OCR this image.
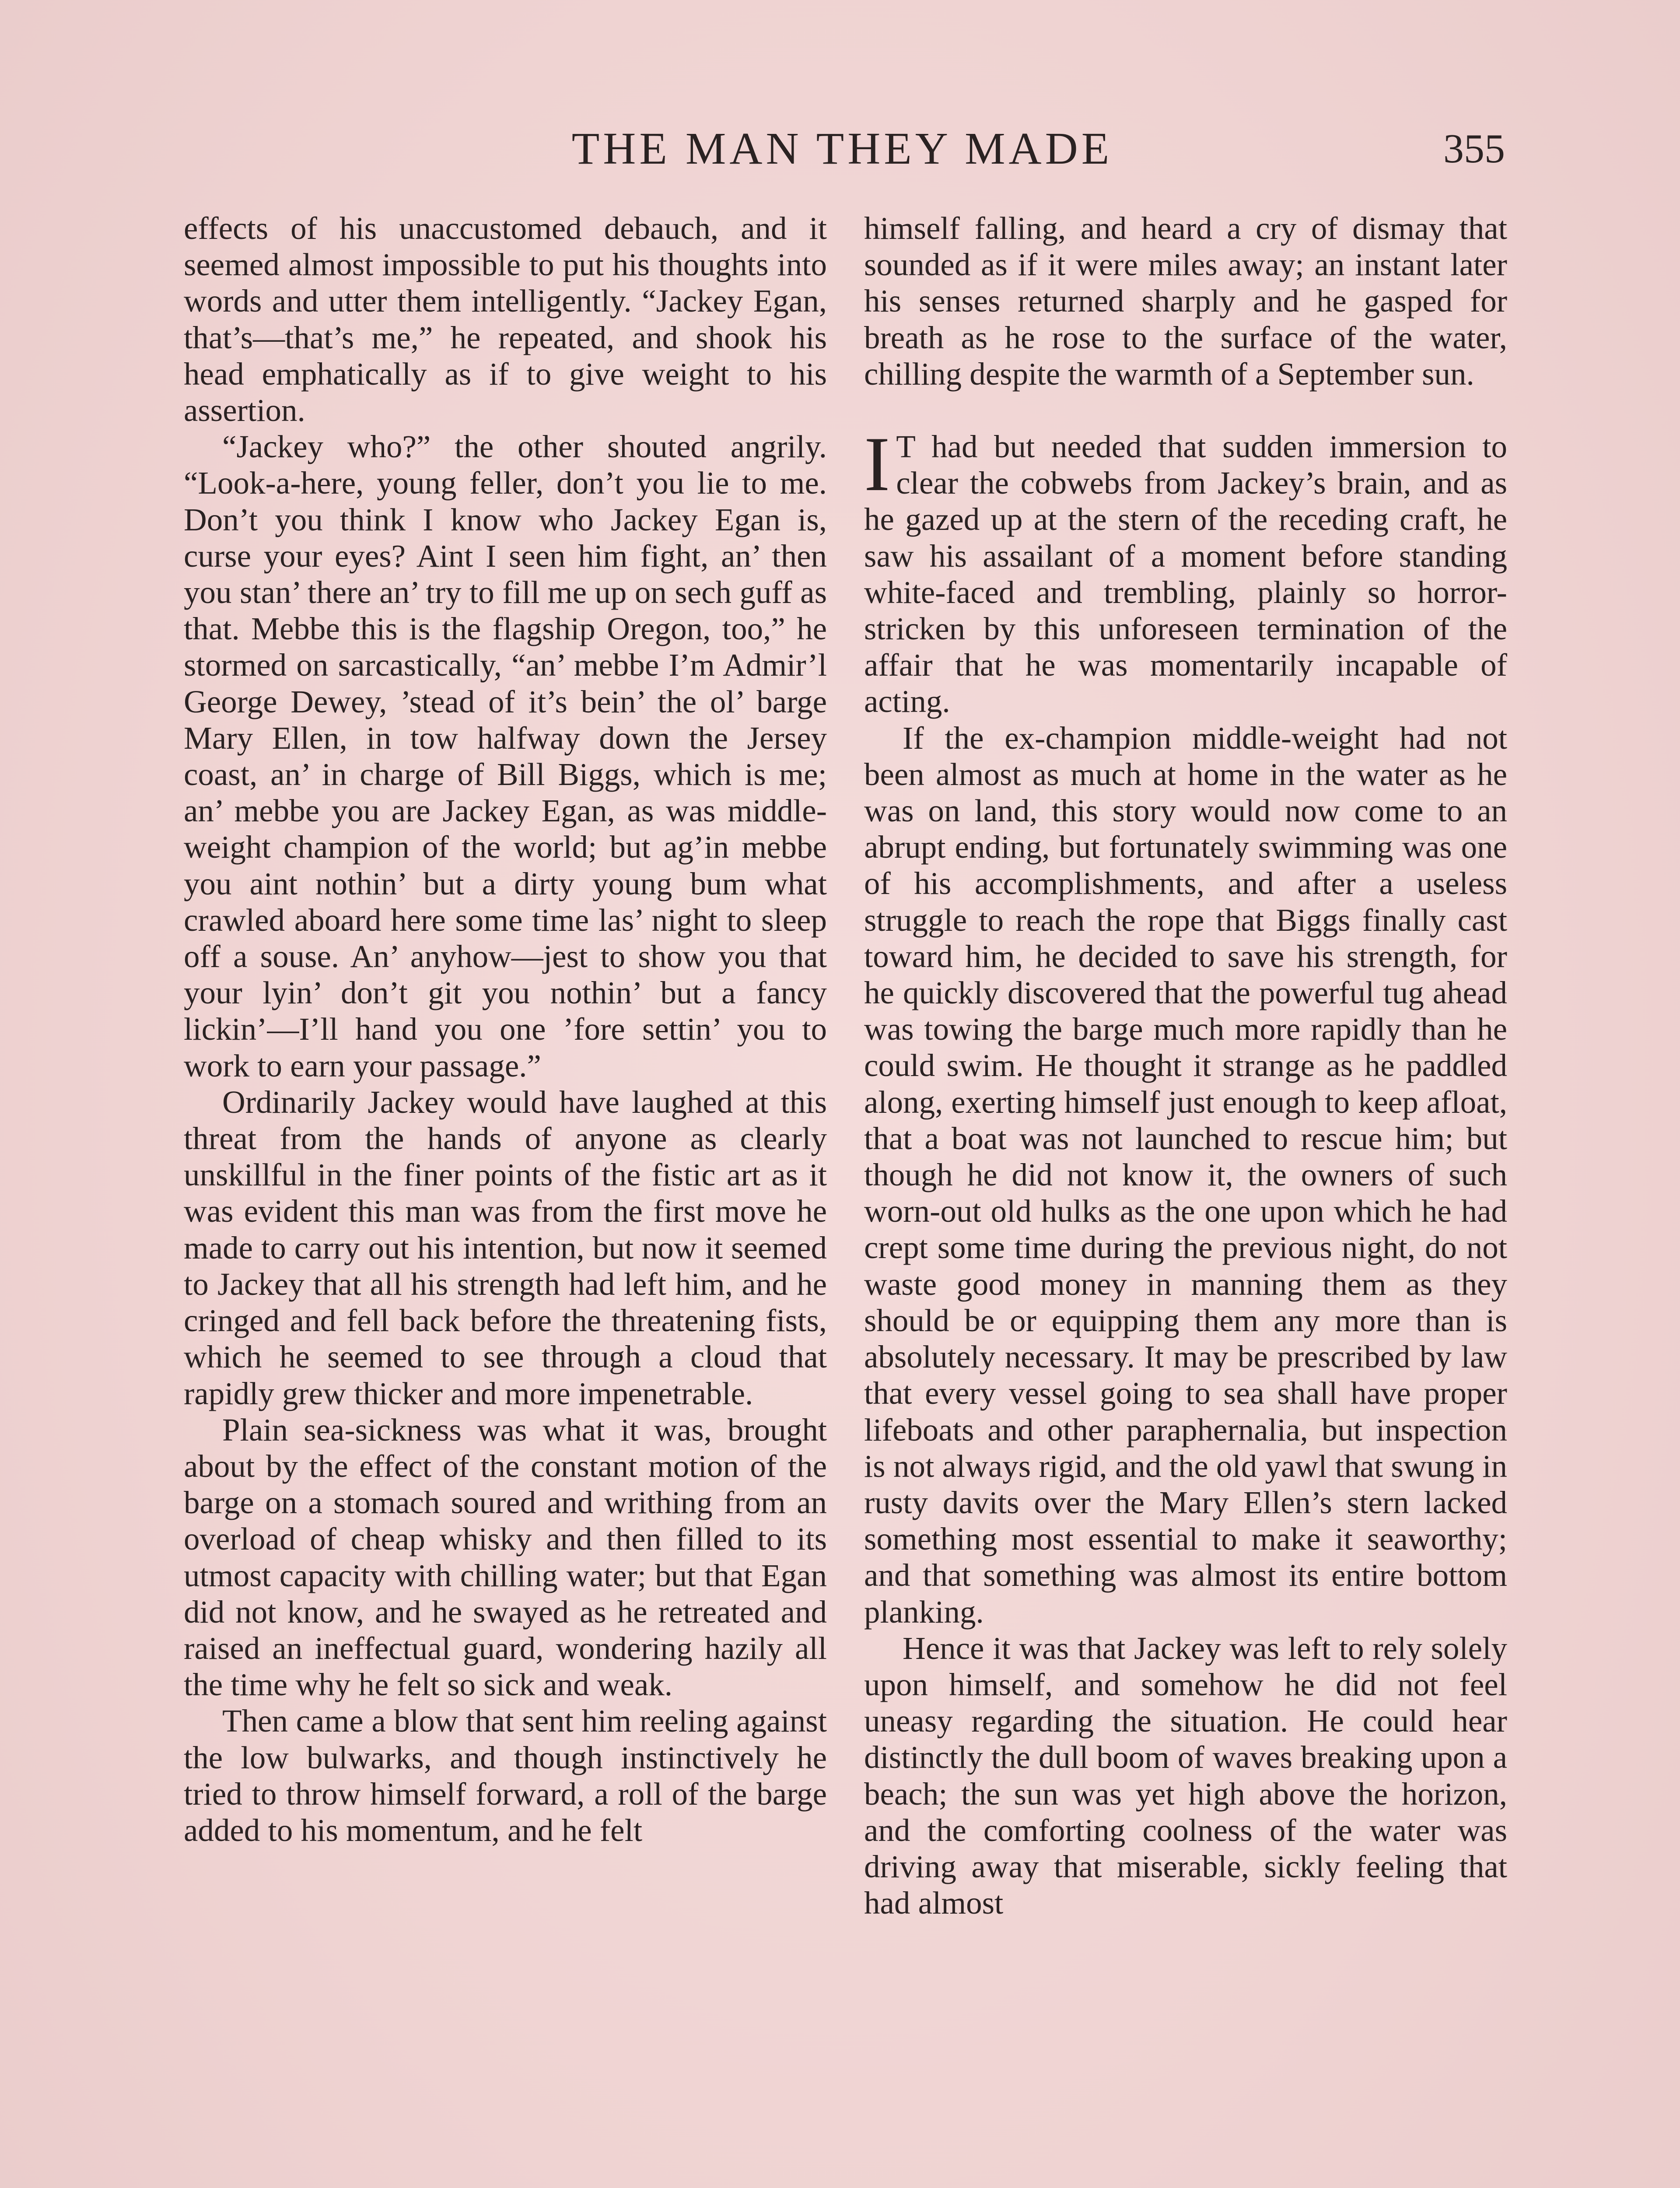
THE MAN THEY MADE	355

effects of his unaccustomed debauch, and it seemed almost impossible to put his thoughts into words and utter them intelligently. “Jackey Egan, that’s—that’s me,” he repeated, and shook his head emphatically as if to give weight to his assertion.

“Jackey who?” the other shouted angrily. “Look-a-here, young feller, don’t you lie to me. Don’t you think I know who Jackey Egan is, curse your eyes? Aint I seen him fight, an’ then you stan’ there an’ try to fill me up on sech guff as that. Mebbe this is the flagship Oregon, too,” he stormed on sarcastically, “an’ mebbe I’m Admir’l George Dewey, ’stead of it’s bein’ the ol’ barge Mary Ellen, in tow halfway down the Jersey coast, an’ in charge of Bill Biggs, which is me; an’ mebbe you are Jackey Egan, as was middle-weight champion of the world; but ag’in mebbe you aint nothin’ but a dirty young bum what crawled aboard here some time las’ night to sleep off a souse. An’ anyhow—jest to show you that your lyin’ don’t git you nothin’ but a fancy lickin’—I’ll hand you one ’fore settin’ you to work to earn your passage.”

Ordinarily Jackey would have laughed at this threat from the hands of anyone as clearly unskillful in the finer points of the fistic art as it was evident this man was from the first move he made to carry out his intention, but now it seemed to Jackey that all his strength had left him, and he cringed and fell back before the threatening fists, which he seemed to see through a cloud that rapidly grew thicker and more impenetrable.

Plain sea-sickness was what it was, brought about by the effect of the constant motion of the barge on a stomach soured and writhing from an overload of cheap whisky and then filled to its utmost capacity with chilling water; but that Egan did not know, and he swayed as he retreated and raised an ineffectual guard, wondering hazily all the time why he felt so sick and weak.

Then came a blow that sent him reeling against the low bulwarks, and though instinctively he tried to throw himself forward, a roll of the barge added to his momentum, and he felt

himself falling, and heard a cry of dismay that sounded as if it were miles away; an instant later his senses returned sharply and he gasped for breath as he rose to the surface of the water, chilling despite the warmth of a September sun.

I T had but needed that sudden immersion to clear the cobwebs from Jackey’s brain, and as he gazed up at the stern of the receding craft, he saw his assailant of a moment before standing white-faced and trembling, plainly so horror-stricken by this unforeseen termination of the affair that he was momentarily incapable of acting.

If the ex-champion middle-weight had not been almost as much at home in the water as he was on land, this story would now come to an abrupt ending, but fortunately swimming was one of his accomplishments, and after a useless struggle to reach the rope that Biggs finally cast toward him, he decided to save his strength, for he quickly discovered that the powerful tug ahead was towing the barge much more rapidly than he could swim. He thought it strange as he paddled along, exerting himself just enough to keep afloat, that a boat was not launched to rescue him; but though he did not know it, the owners of such worn-out old hulks as the one upon which he had crept some time during the previous night, do not waste good money in manning them as they should be or equipping them any more than is absolutely necessary. It may be prescribed by law that every vessel going to sea shall have proper lifeboats and other paraphernalia, but inspection is not always rigid, and the old yawl that swung in rusty davits over the Mary Ellen’s stern lacked something most essential to make it seaworthy; and that something was almost its entire bottom planking.

Hence it was that Jackey was left to rely solely upon himself, and somehow he did not feel uneasy regarding the situation. He could hear distinctly the dull boom of waves breaking upon a beach; the sun was yet high above the horizon, and the comforting coolness of the water was driving away that miserable, sickly feeling that had almost
